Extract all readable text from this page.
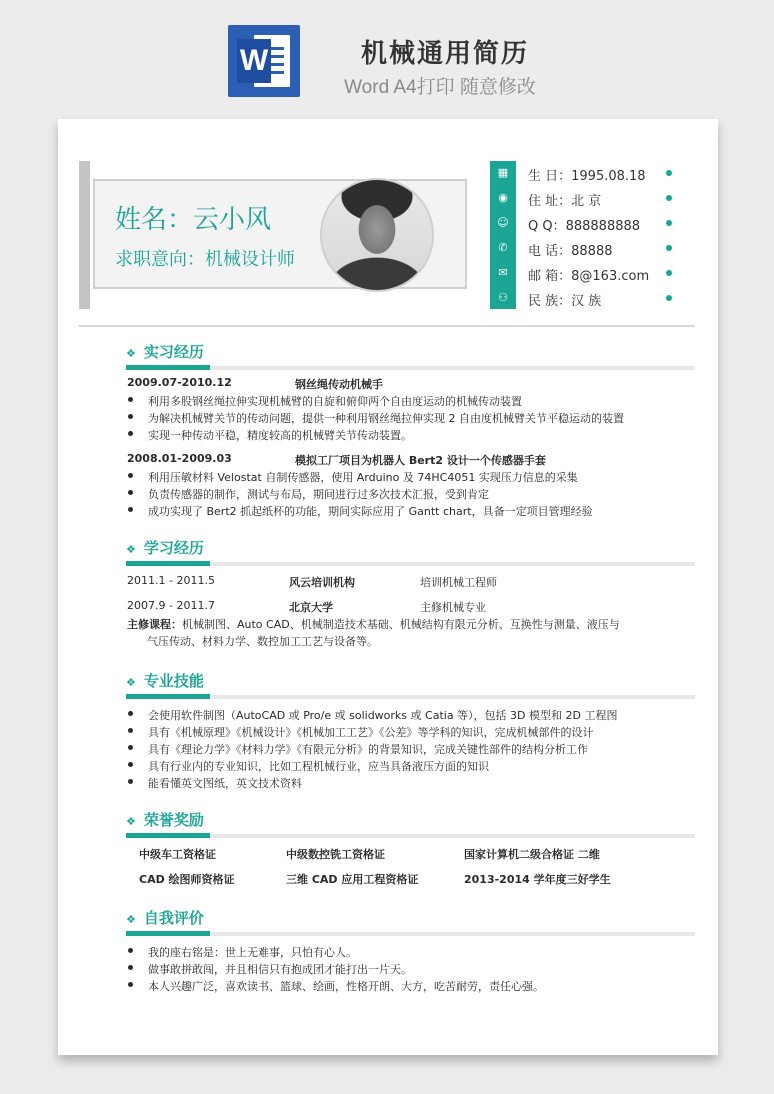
W	机械通用简历
Word A4打印 随意修改
姓名：云小风
求职意向：机械设计师
▦
◉
☺
✆
✉
⚇
生 日：1995.08.18
住 址：北 京
Q Q：888888888
电 话：88888
邮 箱：8@163.com
民 族：汉 族
❖ 实习经历
2009.07-2010.12	钢丝绳传动机械手
利用多股钢丝绳拉伸实现机械臂的自旋和俯仰两个自由度运动的机械传动装置
为解决机械臂关节的传动问题，提供一种利用钢丝绳拉伸实现 2 自由度机械臂关节平稳运动的装置
实现一种传动平稳，精度较高的机械臂关节传动装置。
2008.01-2009.03	模拟工厂项目为机器人 Bert2 设计一个传感器手套
利用压敏材料 Velostat 自制传感器，使用 Arduino 及 74HC4051 实现压力信息的采集
负责传感器的制作，测试与布局，期间进行过多次技术汇报，受到肯定
成功实现了 Bert2 抓起纸杯的功能，期间实际应用了 Gantt chart，具备一定项目管理经验
❖ 学习经历
2011.1 - 2011.5	风云培训机构	培训机械工程师
2007.9 - 2011.7	北京大学	主修机械专业
主修课程：机械制图、Auto CAD、机械制造技术基础、机械结构有限元分析、互换性与测量、液压与
气压传动、材料力学、数控加工工艺与设备等。
❖ 专业技能
会使用软件制图（AutoCAD 或 Pro/e 或 solidworks 或 Catia 等），包括 3D 模型和 2D 工程图
具有《机械原理》《机械设计》《机械加工工艺》《公差》等学科的知识，完成机械部件的设计
具有《理论力学》《材料力学》《有限元分析》的背景知识，完成关键性部件的结构分析工作
具有行业内的专业知识，比如工程机械行业，应当具备液压方面的知识
能看懂英文图纸，英文技术资料
❖ 荣誉奖励
中级车工资格证	中级数控铣工资格证	国家计算机二级合格证 二维
CAD 绘图师资格证	三维 CAD 应用工程资格证	2013-2014 学年度三好学生
❖ 自我评价
我的座右铭是：世上无难事，只怕有心人。
做事敢拼敢闯，并且相信只有抱成团才能打出一片天。
本人兴趣广泛，喜欢读书、篮球、绘画，性格开朗、大方，吃苦耐劳，责任心强。
